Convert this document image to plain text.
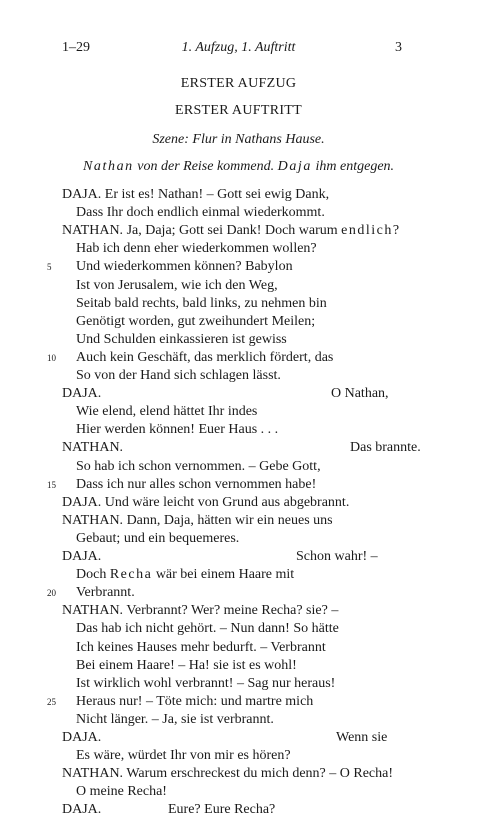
1–29	1. Aufzug, 1. Auftritt	3
ERSTER AUFZUG
ERSTER AUFTRITT
Szene: Flur in Nathans Hause.
Nathan von der Reise kommend. Daja ihm entgegen.
DAJA. Er ist es! Nathan! – Gott sei ewig Dank,
Dass Ihr doch endlich einmal wiederkommt.
NATHAN. Ja, Daja; Gott sei Dank! Doch warum endlich?
Hab ich denn eher wiederkommen wollen?
5 Und wiederkommen können? Babylon
Ist von Jerusalem, wie ich den Weg,
Seitab bald rechts, bald links, zu nehmen bin
Genötigt worden, gut zweihundert Meilen;
Und Schulden einkassieren ist gewiss
10 Auch kein Geschäft, das merklich fördert, das
So von der Hand sich schlagen lässt.
DAJA.	O Nathan,
Wie elend, elend hättet Ihr indes
Hier werden können! Euer Haus . . .
NATHAN.	Das brannte.
So hab ich schon vernommen. – Gebe Gott,
15 Dass ich nur alles schon vernommen habe!
DAJA. Und wäre leicht von Grund aus abgebrannt.
NATHAN. Dann, Daja, hätten wir ein neues uns
Gebaut; und ein bequemeres.
DAJA.	Schon wahr! –
Doch Recha wär bei einem Haare mit
20 Verbrannt.
NATHAN. Verbrannt? Wer? meine Recha? sie? –
Das hab ich nicht gehört. – Nun dann! So hätte
Ich keines Hauses mehr bedurft. – Verbrannt
Bei einem Haare! – Ha! sie ist es wohl!
Ist wirklich wohl verbrannt! – Sag nur heraus!
25 Heraus nur! – Töte mich: und martre mich
Nicht länger. – Ja, sie ist verbrannt.
DAJA.	Wenn sie
Es wäre, würdet Ihr von mir es hören?
NATHAN. Warum erschreckest du mich denn? – O Recha!
O meine Recha!
DAJA.	Eure? Eure Recha?
